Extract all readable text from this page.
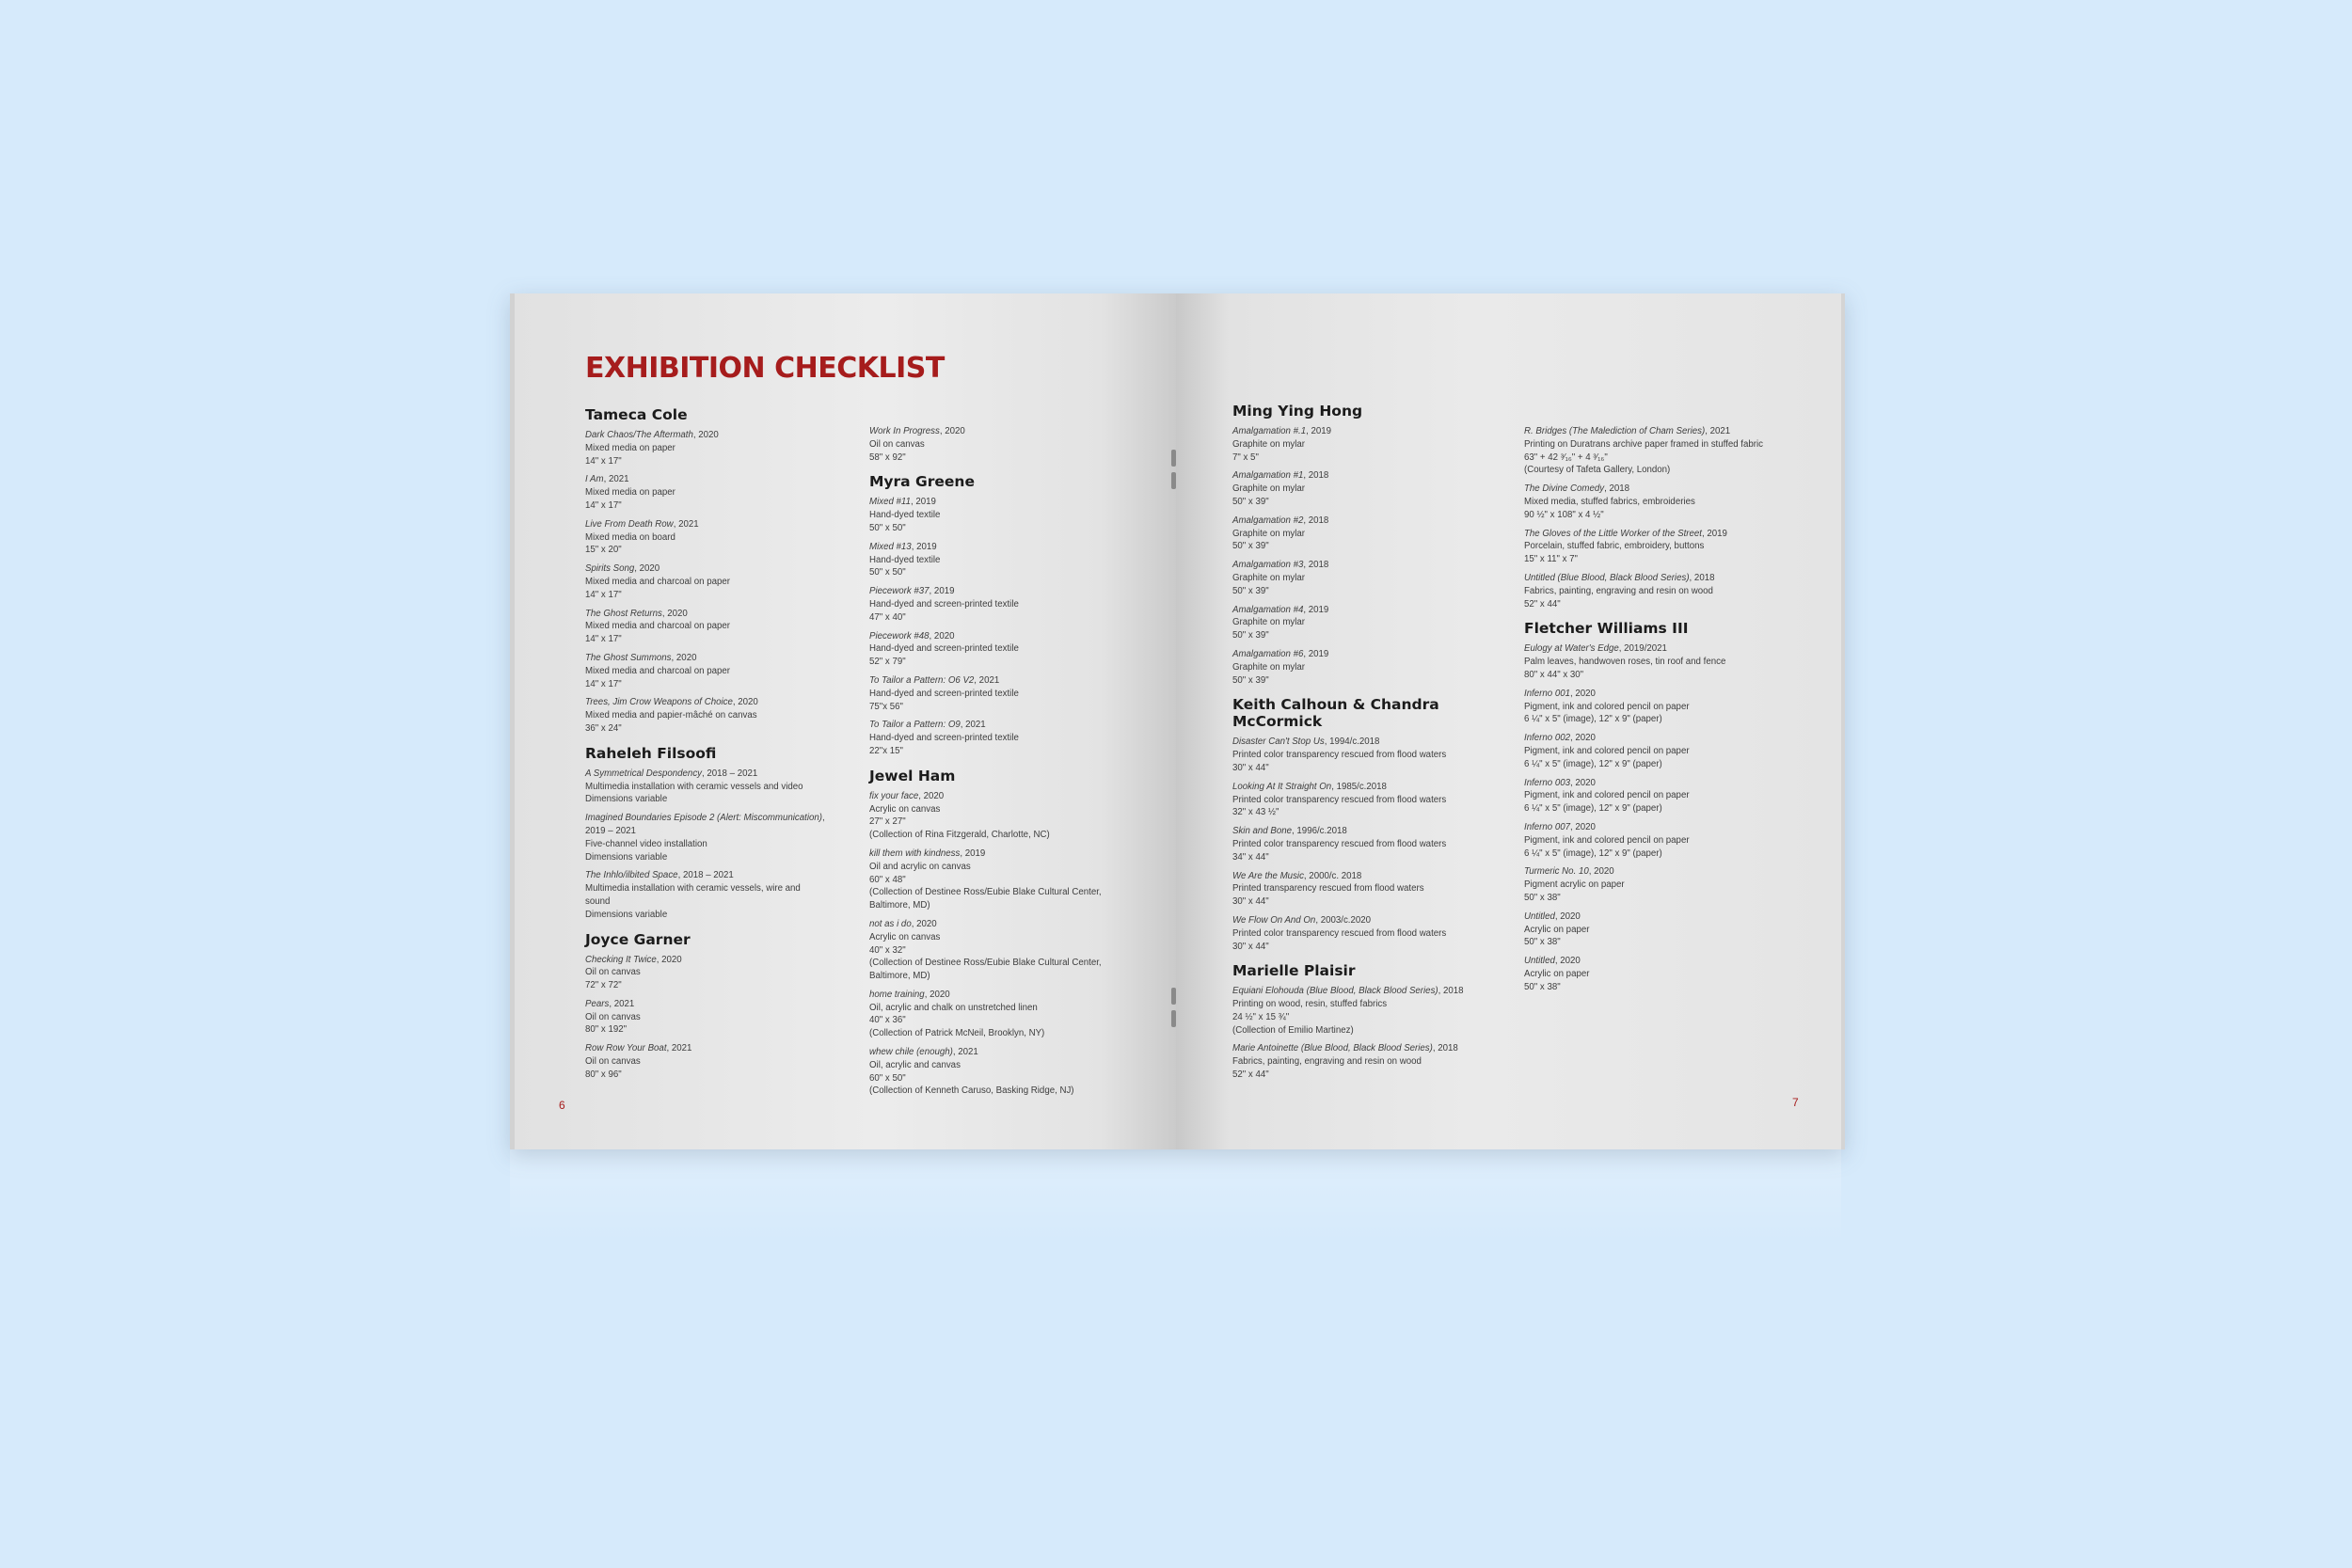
EXHIBITION CHECKLIST
Tameca Cole
Dark Chaos/The Aftermath, 2020
Mixed media on paper
14" x 17"
I Am, 2021
Mixed media on paper
14" x 17"
Live From Death Row, 2021
Mixed media on board
15" x 20"
Spirits Song, 2020
Mixed media and charcoal on paper
14" x 17"
The Ghost Returns, 2020
Mixed media and charcoal on paper
14" x 17"
The Ghost Summons, 2020
Mixed media and charcoal on paper
14" x 17"
Trees, Jim Crow Weapons of Choice, 2020
Mixed media and papier-mâché on canvas
36" x 24"
Raheleh Filsoofi
A Symmetrical Despondency, 2018 – 2021
Multimedia installation with ceramic vessels and video
Dimensions variable
Imagined Boundaries Episode 2 (Alert: Miscommunication),
2019 – 2021
Five-channel video installation
Dimensions variable
The Inhlo/ilbited Space, 2018 – 2021
Multimedia installation with ceramic vessels, wire and
sound
Dimensions variable
Joyce Garner
Checking It Twice, 2020
Oil on canvas
72" x 72"
Pears, 2021
Oil on canvas
80" x 192"
Row Row Your Boat, 2021
Oil on canvas
80" x 96"
Work In Progress, 2020
Oil on canvas
58" x 92"
Myra Greene
Mixed #11, 2019
Hand-dyed textile
50" x 50"
Mixed #13, 2019
Hand-dyed textile
50" x 50"
Piecework #37, 2019
Hand-dyed and screen-printed textile
47" x 40"
Piecework #48, 2020
Hand-dyed and screen-printed textile
52" x 79"
To Tailor a Pattern: O6 V2, 2021
Hand-dyed and screen-printed textile
75"x 56"
To Tailor a Pattern: O9, 2021
Hand-dyed and screen-printed textile
22"x 15"
Jewel Ham
fix your face, 2020
Acrylic on canvas
27" x 27"
(Collection of Rina Fitzgerald, Charlotte, NC)
kill them with kindness, 2019
Oil and acrylic on canvas
60" x 48"
(Collection of Destinee Ross/Eubie Blake Cultural Center,
Baltimore, MD)
not as i do, 2020
Acrylic on canvas
40" x 32"
(Collection of Destinee Ross/Eubie Blake Cultural Center,
Baltimore, MD)
home training, 2020
Oil, acrylic and chalk on unstretched linen
40" x 36"
(Collection of Patrick McNeil, Brooklyn, NY)
whew chile (enough), 2021
Oil, acrylic and canvas
60" x 50"
(Collection of Kenneth Caruso, Basking Ridge, NJ)
6
Ming Ying Hong
Amalgamation #.1, 2019
Graphite on mylar
7" x 5"
Amalgamation #1, 2018
Graphite on mylar
50" x 39"
Amalgamation #2, 2018
Graphite on mylar
50" x 39"
Amalgamation #3, 2018
Graphite on mylar
50" x 39"
Amalgamation #4, 2019
Graphite on mylar
50" x 39"
Amalgamation #6, 2019
Graphite on mylar
50" x 39"
Keith Calhoun & Chandra McCormick
Disaster Can't Stop Us, 1994/c.2018
Printed color transparency rescued from flood waters
30" x 44"
Looking At It Straight On, 1985/c.2018
Printed color transparency rescued from flood waters
32" x 43 ½"
Skin and Bone, 1996/c.2018
Printed color transparency rescued from flood waters
34" x 44"
We Are the Music, 2000/c. 2018
Printed transparency rescued from flood waters
30" x 44"
We Flow On And On, 2003/c.2020
Printed color transparency rescued from flood waters
30" x 44"
Marielle Plaisir
Equiani Elohouda (Blue Blood, Black Blood Series), 2018
Printing on wood, resin, stuffed fabrics
24 ½" x 15 ¾"
(Collection of Emilio Martinez)
Marie Antoinette (Blue Blood, Black Blood Series), 2018
Fabrics, painting, engraving and resin on wood
52" x 44"
R. Bridges (The Malediction of Cham Series), 2021
Printing on Duratrans archive paper framed in stuffed fabric
63" + 42 ³⁄₁₆" + 4 ³⁄₁₆"
(Courtesy of Tafeta Gallery, London)
The Divine Comedy, 2018
Mixed media, stuffed fabrics, embroideries
90 ½" x 108" x 4 ½"
The Gloves of the Little Worker of the Street, 2019
Porcelain, stuffed fabric, embroidery, buttons
15" x 11" x 7"
Untitled (Blue Blood, Black Blood Series), 2018
Fabrics, painting, engraving and resin on wood
52" x 44"
Fletcher Williams III
Eulogy at Water's Edge, 2019/2021
Palm leaves, handwoven roses, tin roof and fence
80" x 44" x 30"
Inferno 001, 2020
Pigment, ink and colored pencil on paper
6 ¼" x 5" (image), 12" x 9" (paper)
Inferno 002, 2020
Pigment, ink and colored pencil on paper
6 ¼" x 5" (image), 12" x 9" (paper)
Inferno 003, 2020
Pigment, ink and colored pencil on paper
6 ¼" x 5" (image), 12" x 9" (paper)
Inferno 007, 2020
Pigment, ink and colored pencil on paper
6 ¼" x 5" (image), 12" x 9" (paper)
Turmeric No. 10, 2020
Pigment acrylic on paper
50" x 38"
Untitled, 2020
Acrylic on paper
50" x 38"
Untitled, 2020
Acrylic on paper
50" x 38"
7
